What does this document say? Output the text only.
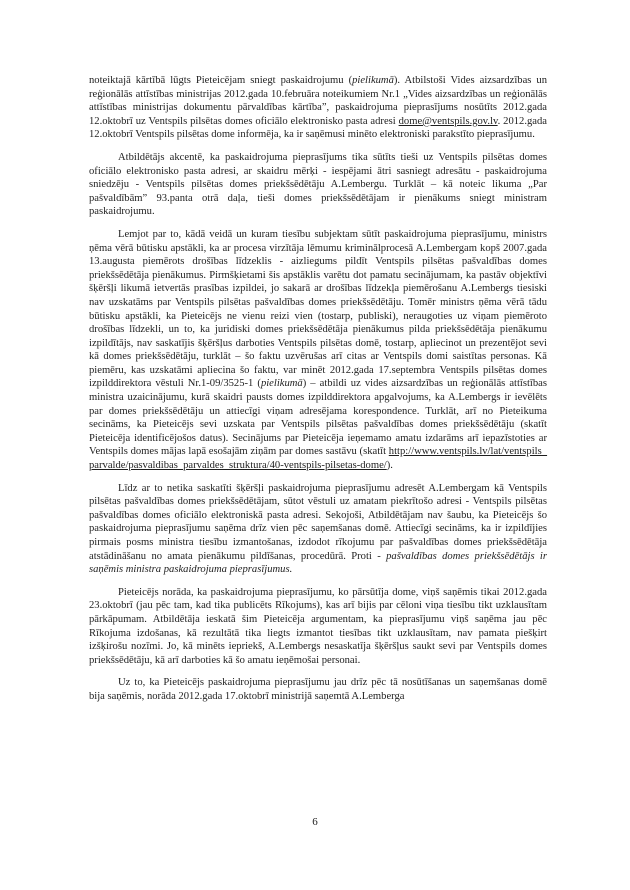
noteiktajā kārtībā lūgts Pieteicējam sniegt paskaidrojumu (pielikumā). Atbilstoši Vides aizsardzības un reģionālās attīstības ministrijas 2012.gada 10.februāra noteikumiem Nr.1 „Vides aizsardzības un reģionālās attīstības ministrijas dokumentu pārvaldības kārtība”, paskaidrojuma pieprasījums nosūtīts 2012.gada 12.oktobrī uz Ventspils pilsētas domes oficiālo elektronisko pasta adresi dome@ventspils.gov.lv. 2012.gada 12.oktobrī Ventspils pilsētas dome informēja, ka ir saņēmusi minēto elektroniski parakstīto pieprasījumu.

Atbildētājs akcentē, ka paskaidrojuma pieprasījums tika sūtīts tieši uz Ventspils pilsētas domes oficiālo elektronisko pasta adresi, ar skaidru mērķi - iespējami ātri sasniegt adresātu - paskaidrojuma sniedzēju - Ventspils pilsētas domes priekšsēdētāju A.Lembergu. Turklāt – kā noteic likuma „Par pašvaldībām” 93.panta otrā daļa, tieši domes priekšsēdētājam ir pienākums sniegt ministram paskaidrojumu.

Lemjot par to, kādā veidā un kuram tiesību subjektam sūtīt paskaidrojuma pieprasījumu, ministrs ņēma vērā būtisku apstākli, ka ar procesa virzītāja lēmumu kriminālprocesā A.Lembergam kopš 2007.gada 13.augusta piemērots drošības līdzeklis - aizliegums pildīt Ventspils pilsētas pašvaldības domes priekšsēdētāja pienākumus. Pirmšķietami šis apstāklis varētu dot pamatu secinājumam, ka pastāv objektīvi šķēršļi likumā ietvertās prasības izpildei, jo sakarā ar drošības līdzekļa piemērošanu A.Lembergs tiesiski nav uzskatāms par Ventspils pilsētas pašvaldības domes priekšsēdētāju. Tomēr ministrs ņēma vērā tādu būtisku apstākli, ka Pieteicējs ne vienu reizi vien (tostarp, publiski), neraugoties uz viņam piemēroto drošības līdzekli, un to, ka juridiski domes priekšsēdētāja pienākumus pilda priekšsēdētāja pienākumu izpildītājs, nav saskatījis šķēršļus darboties Ventspils pilsētas domē, tostarp, apliecinot un prezentējot sevi kā domes priekšsēdētāju, turklāt – šo faktu uzvērušas arī citas ar Ventspils domi saistītas personas. Kā piemēru, kas uzskatāmi apliecina šo faktu, var minēt 2012.gada 17.septembra Ventspils pilsētas domes izpilddirektora vēstuli Nr.1-09/3525-1 (pielikumā) – atbildi uz vides aizsardzības un reģionālās attīstības ministra uzaicinājumu, kurā skaidri pausts domes izpilddirektora apgalvojums, ka A.Lembergs ir ievēlēts par domes priekšsēdētāju un attiecīgi viņam adresējama korespondence. Turklāt, arī no Pieteikuma secināms, ka Pieteicējs sevi uzskata par Ventspils pilsētas pašvaldības domes priekšsēdētāju (skatīt Pieteicēja identificējošos datus). Secinājums par Pieteicēja ieņemamo amatu izdarāms arī iepazīstoties ar Ventspils domes mājas lapā esošajām ziņām par domes sastāvu (skatīt http://www.ventspils.lv/lat/ventspils_parvalde/pasvaldibas_parvaldes_struktura/40-ventspils-pilsetas-dome/).

Līdz ar to netika saskatīti šķēršļi paskaidrojuma pieprasījumu adresēt A.Lembergam kā Ventspils pilsētas pašvaldības domes priekšsēdētājam, sūtot vēstuli uz amatam piekrītošo adresi - Ventspils pilsētas pašvaldības domes oficiālo elektroniskā pasta adresi. Sekojoši, Atbildētājam nav šaubu, ka Pieteicējs šo paskaidrojuma pieprasījumu saņēma drīz vien pēc saņemšanas domē. Attiecīgi secināms, ka ir izpildījies pirmais posms ministra tiesību izmantošanas, izdodot rīkojumu par pašvaldības domes priekšsēdētāja atstādināšanu no amata pienākumu pildīšanas, procedūrā. Proti - pašvaldības domes priekšsēdētājs ir saņēmis ministra paskaidrojuma pieprasījumus.

Pieteicējs norāda, ka paskaidrojuma pieprasījumu, ko pārsūtīja dome, viņš saņēmis tikai 2012.gada 23.oktobrī (jau pēc tam, kad tika publicēts Rīkojums), kas arī bijis par cēloni viņa tiesību tikt uzklausītam pārkāpumam. Atbildētāja ieskatā šim Pieteicēja argumentam, ka pieprasījumu viņš saņēma jau pēc Rīkojuma izdošanas, kā rezultātā tika liegts izmantot tiesības tikt uzklausītam, nav pamata piešķirt izšķirošu nozīmi. Jo, kā minēts iepriekš, A.Lembergs nesaskatīja šķēršļus saukt sevi par Ventspils domes priekšsēdētāju, kā arī darboties kā šo amatu ieņēmošai personai.

Uz to, ka Pieteicējs paskaidrojuma pieprasījumu jau drīz pēc tā nosūtīšanas un saņemšanas domē bija saņēmis, norāda 2012.gada 17.oktobrī ministrijā saņemtā A.Lemberga

6
